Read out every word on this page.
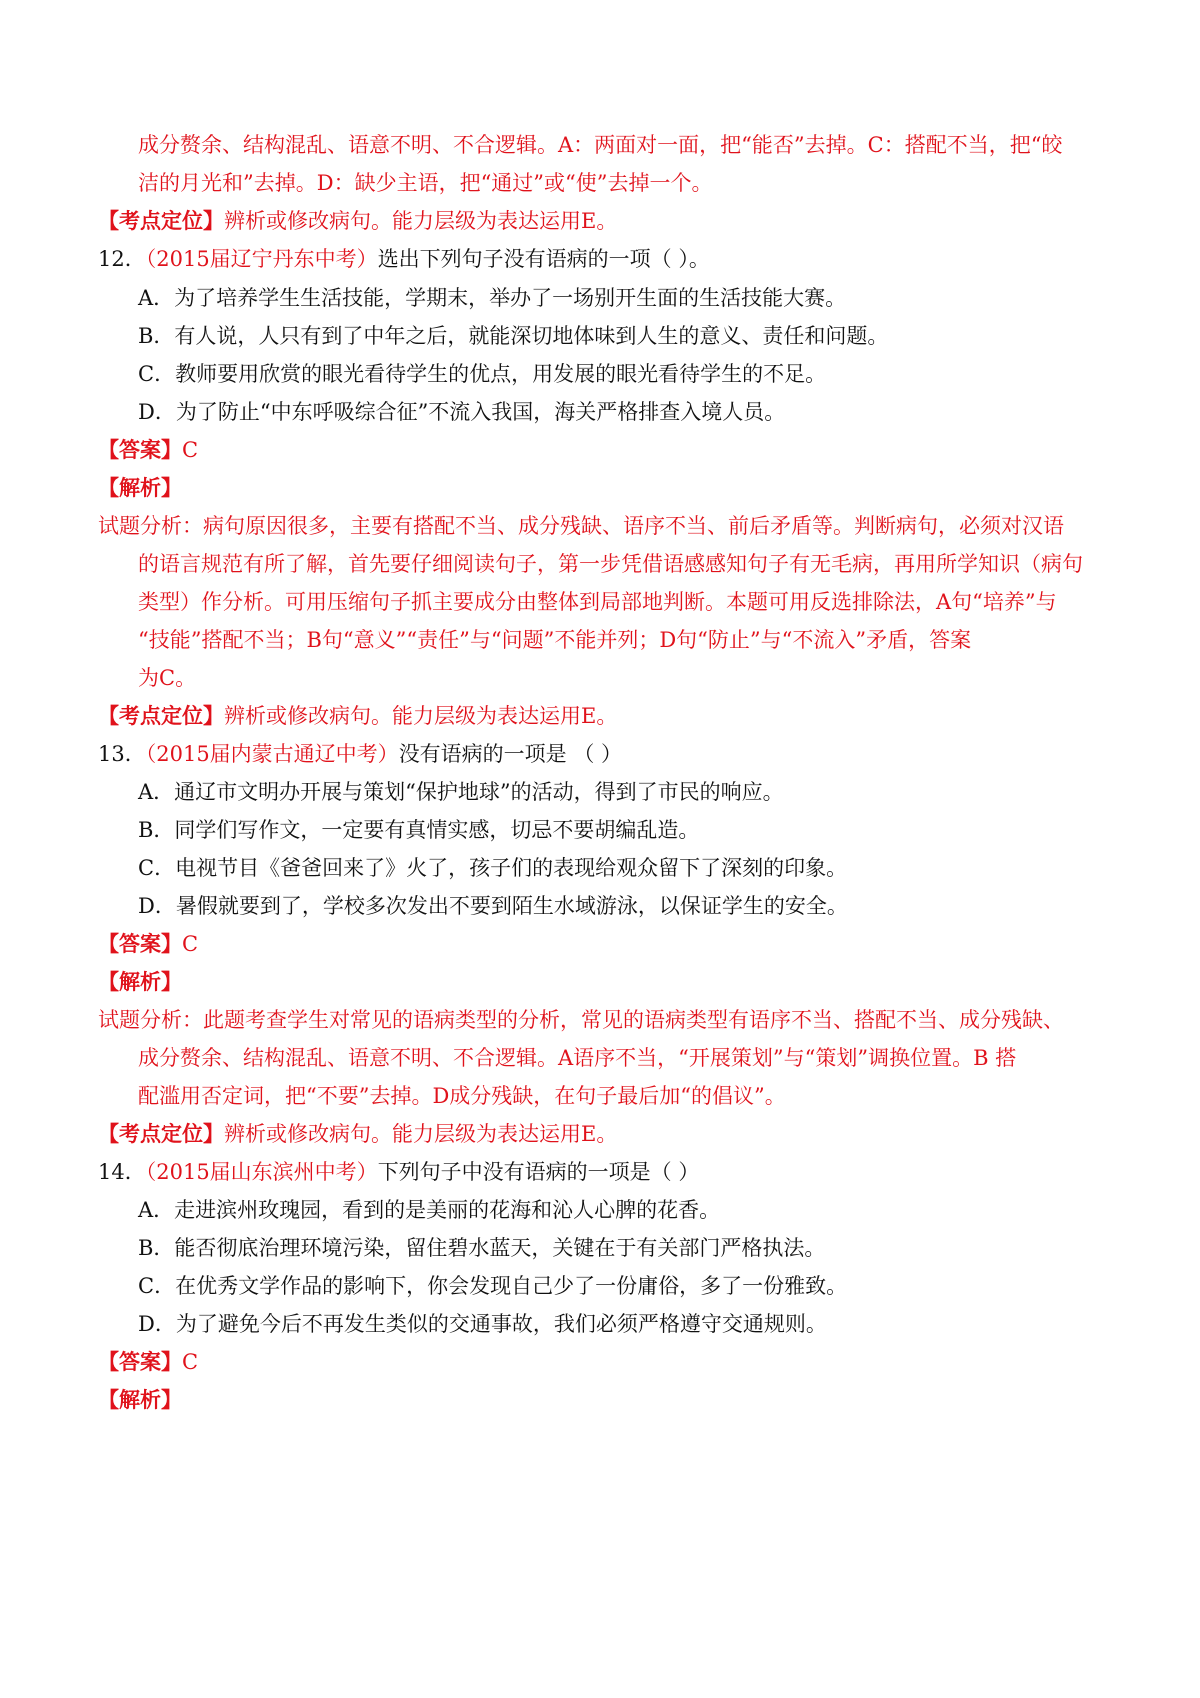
成分赘余、结构混乱、语意不明、不合逻辑。A：两面对一面，把“能否”去掉。C：搭配不当，把“皎
洁的月光和”去掉。D：缺少主语，把“通过”或“使”去掉一个。
【考点定位】辨析或修改病句。能力层级为表达运用E。
12．（2015届辽宁丹东中考）选出下列句子没有语病的一项（ ）。
A．为了培养学生生活技能，学期末，举办了一场别开生面的生活技能大赛。
B．有人说，人只有到了中年之后，就能深切地体味到人生的意义、责任和问题。
C．教师要用欣赏的眼光看待学生的优点，用发展的眼光看待学生的不足。
D．为了防止“中东呼吸综合征”不流入我国，海关严格排查入境人员。
【答案】C
【解析】
试题分析：病句原因很多，主要有搭配不当、成分残缺、语序不当、前后矛盾等。判断病句，必须对汉语
的语言规范有所了解，首先要仔细阅读句子，第一步凭借语感感知句子有无毛病，再用所学知识（病句
类型）作分析。可用压缩句子抓主要成分由整体到局部地判断。本题可用反选排除法，A句“培养”与
“技能”搭配不当；B句“意义”“责任”与“问题”不能并列；D句“防止”与“不流入”矛盾，答案
为C。
【考点定位】辨析或修改病句。能力层级为表达运用E。
13．（2015届内蒙古通辽中考）没有语病的一项是 （ ）
A．通辽市文明办开展与策划“保护地球”的活动，得到了市民的响应。
B．同学们写作文，一定要有真情实感，切忌不要胡编乱造。
C．电视节目《爸爸回来了》火了，孩子们的表现给观众留下了深刻的印象。
D．暑假就要到了，学校多次发出不要到陌生水域游泳，以保证学生的安全。
【答案】C
【解析】
试题分析：此题考查学生对常见的语病类型的分析，常见的语病类型有语序不当、搭配不当、成分残缺、
成分赘余、结构混乱、语意不明、不合逻辑。A语序不当，“开展策划”与“策划”调换位置。B 搭
配滥用否定词，把“不要”去掉。D成分残缺，在句子最后加“的倡议”。
【考点定位】辨析或修改病句。能力层级为表达运用E。
14．（2015届山东滨州中考）下列句子中没有语病的一项是（ ）
A．走进滨州玫瑰园，看到的是美丽的花海和沁人心脾的花香。
B．能否彻底治理环境污染，留住碧水蓝天，关键在于有关部门严格执法。
C．在优秀文学作品的影响下，你会发现自己少了一份庸俗，多了一份雅致。
D．为了避免今后不再发生类似的交通事故，我们必须严格遵守交通规则。
【答案】C
【解析】
